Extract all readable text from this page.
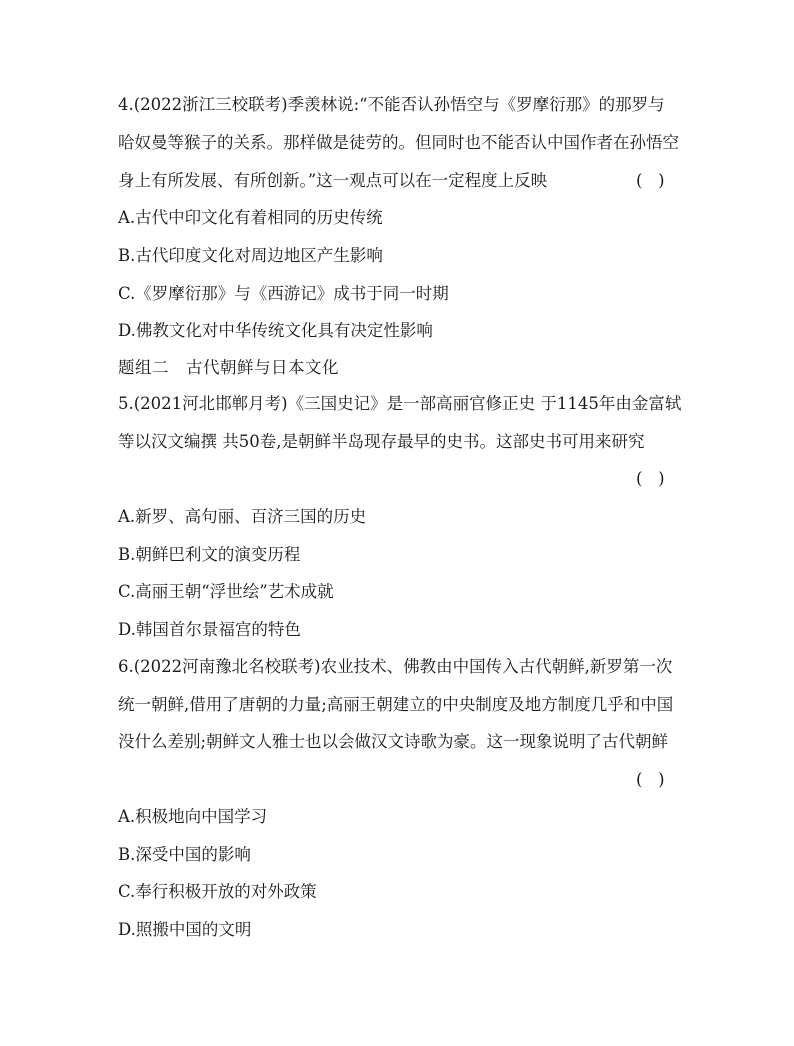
4.(2022浙江三校联考)季羡林说:“不能否认孙悟空与《罗摩衍那》的那罗与
哈奴曼等猴子的关系。那样做是徒劳的。但同时也不能否认中国作者在孙悟空
身上有所发展、有所创新。”这一观点可以在一定程度上反映	(   )
A.古代中印文化有着相同的历史传统
B.古代印度文化对周边地区产生影响
C.《罗摩衍那》与《西游记》成书于同一时期
D.佛教文化对中华传统文化具有决定性影响
题组二　古代朝鲜与日本文化
5.(2021河北邯郸月考)《三国史记》是一部高丽官修正史 于1145年由金富轼
等以汉文编撰 共50卷,是朝鲜半岛现存最早的史书。这部史书可用来研究
(   )
A.新罗、高句丽、百济三国的历史
B.朝鲜巴利文的演变历程
C.高丽王朝“浮世绘”艺术成就
D.韩国首尔景福宫的特色
6.(2022河南豫北名校联考)农业技术、佛教由中国传入古代朝鲜,新罗第一次
统一朝鲜,借用了唐朝的力量;高丽王朝建立的中央制度及地方制度几乎和中国
没什么差别;朝鲜文人雅士也以会做汉文诗歌为豪。这一现象说明了古代朝鲜
(   )
A.积极地向中国学习
B.深受中国的影响
C.奉行积极开放的对外政策
D.照搬中国的文明
